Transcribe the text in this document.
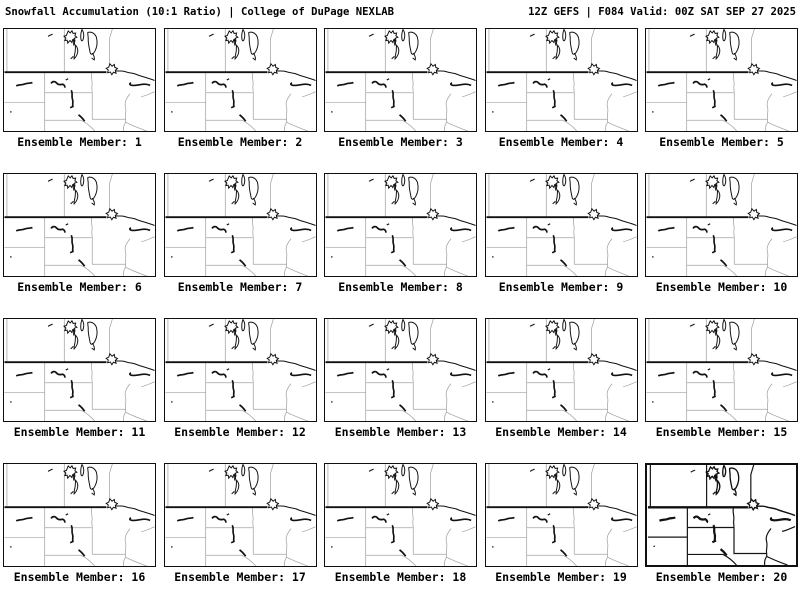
Snowfall Accumulation (10:1 Ratio) | College of DuPage NEXLAB	12Z GEFS | F084 Valid: 00Z SAT SEP 27 2025
Ensemble Member: 1	Ensemble Member: 2	Ensemble Member: 3	Ensemble Member: 4	Ensemble Member: 5
Ensemble Member: 6	Ensemble Member: 7	Ensemble Member: 8	Ensemble Member: 9	Ensemble Member: 10
Ensemble Member: 11	Ensemble Member: 12	Ensemble Member: 13	Ensemble Member: 14	Ensemble Member: 15
Ensemble Member: 16	Ensemble Member: 17	Ensemble Member: 18	Ensemble Member: 19	Ensemble Member: 20
